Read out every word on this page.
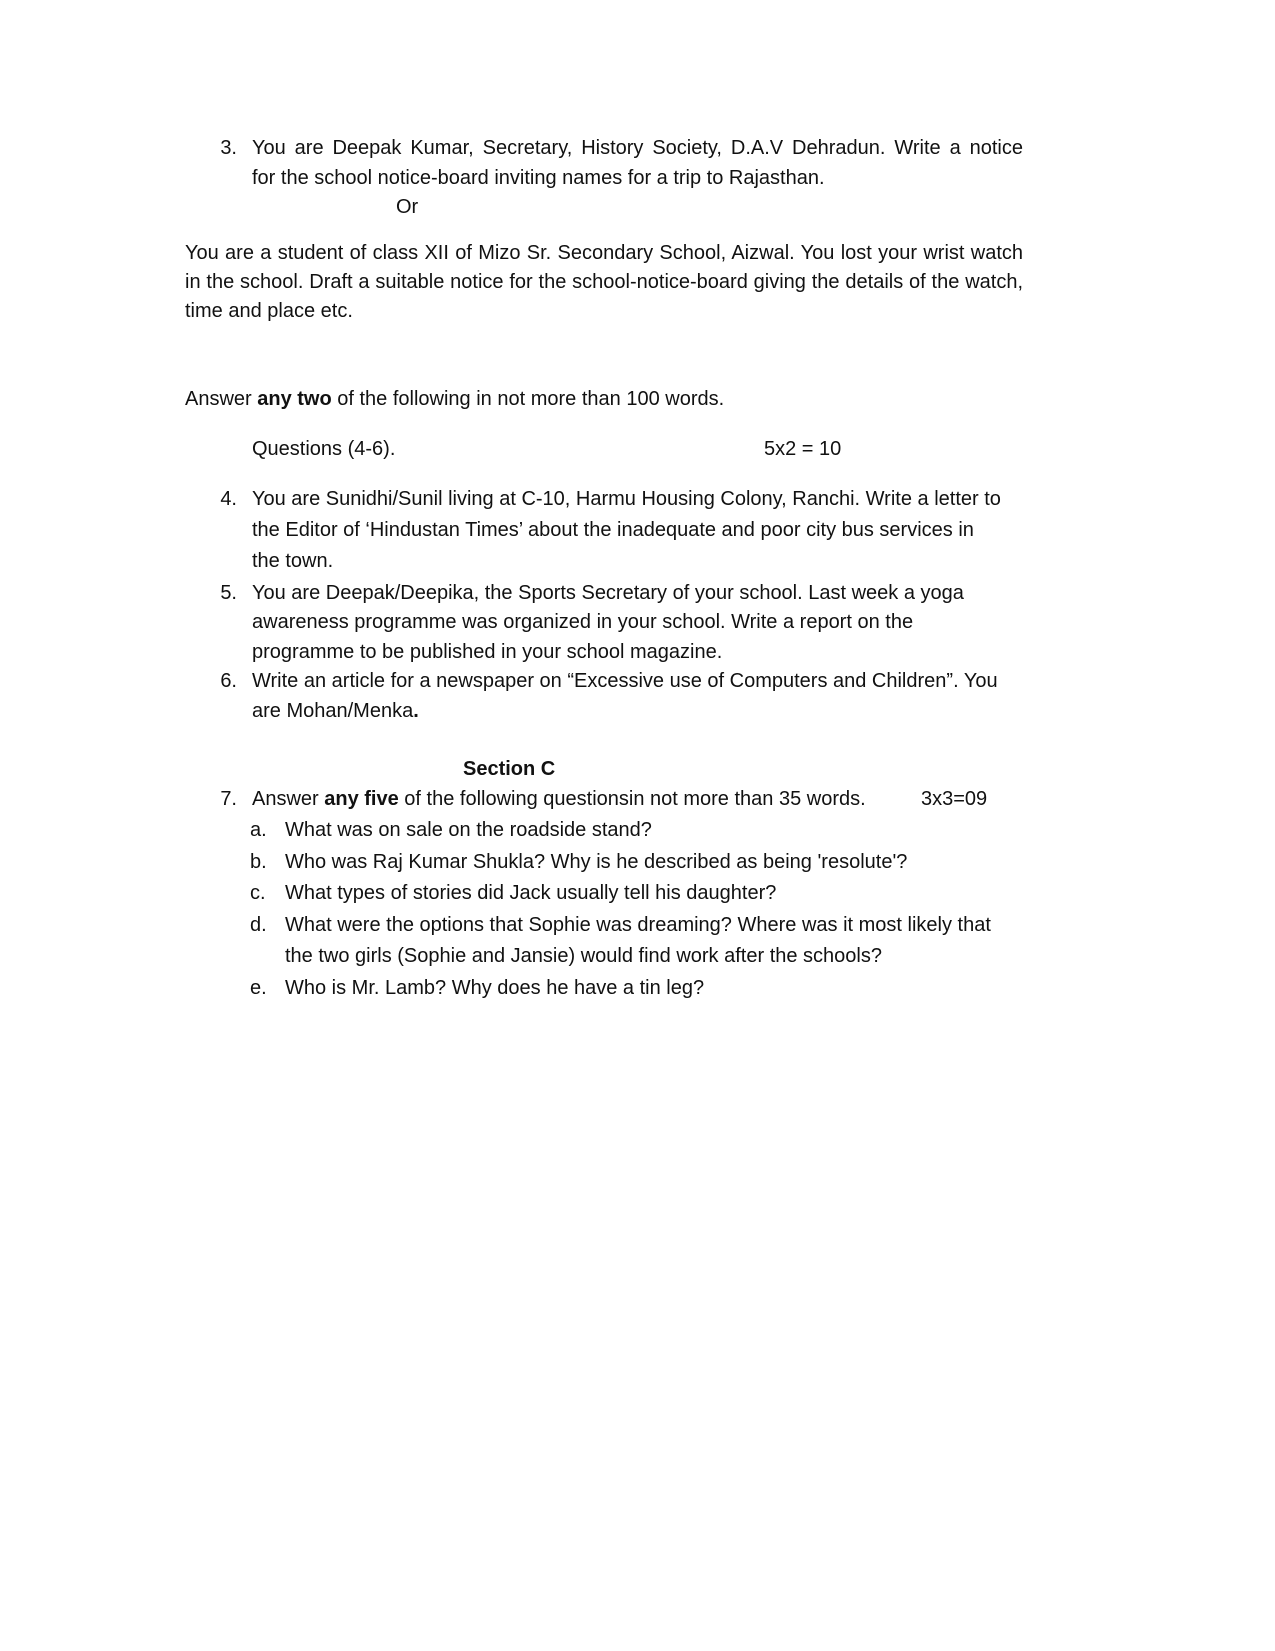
3. You are Deepak Kumar, Secretary, History Society, D.A.V Dehradun. Write a notice
for the school notice-board inviting names for a trip to Rajasthan.
Or
You are a student of class XII of Mizo Sr. Secondary School, Aizwal. You lost your wrist watch in the school. Draft a suitable notice for the school-notice-board giving the details of the watch, time and place etc.
Answer any two of the following in not more than 100 words.
Questions (4-6).	5x2 = 10
4. You are Sunidhi/Sunil living at C-10, Harmu Housing Colony, Ranchi. Write a letter to
the Editor of ‘Hindustan Times’ about the inadequate and poor city bus services in
the town.
5. You are Deepak/Deepika, the Sports Secretary of your school. Last week a yoga
awareness programme was organized in your school. Write a report on the
programme to be published in your school magazine.
6. Write an article for a newspaper on “Excessive use of Computers and Children”. You
are Mohan/Menka.
Section C
7. Answer any five of the following questionsin not more than 35 words.	3x3=09
a. What was on sale on the roadside stand?
b. Who was Raj Kumar Shukla? Why is he described as being 'resolute'?
c. What types of stories did Jack usually tell his daughter?
d. What were the options that Sophie was dreaming? Where was it most likely that
the two girls (Sophie and Jansie) would find work after the schools?
e. Who is Mr. Lamb? Why does he have a tin leg?
